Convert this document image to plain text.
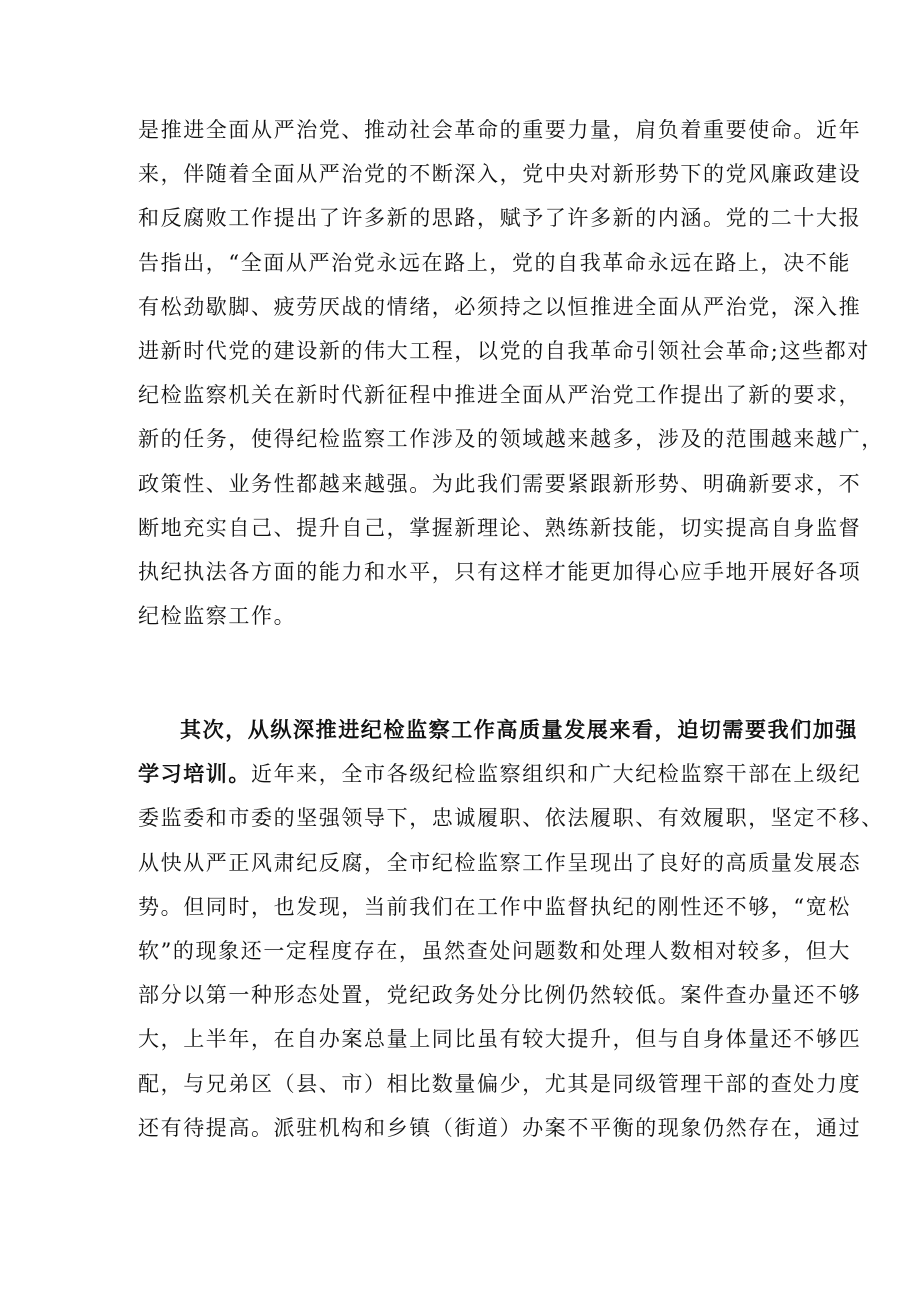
是推进全面从严治党、推动社会革命的重要力量，肩负着重要使命。近年
来，伴随着全面从严治党的不断深入，党中央对新形势下的党风廉政建设
和反腐败工作提出了许多新的思路，赋予了许多新的内涵。党的二十大报
告指出，“全面从严治党永远在路上，党的自我革命永远在路上，决不能
有松劲歇脚、疲劳厌战的情绪，必须持之以恒推进全面从严治党，深入推
进新时代党的建设新的伟大工程，以党的自我革命引领社会革命;这些都对
纪检监察机关在新时代新征程中推进全面从严治党工作提出了新的要求，
新的任务，使得纪检监察工作涉及的领域越来越多，涉及的范围越来越广，
政策性、业务性都越来越强。为此我们需要紧跟新形势、明确新要求，不
断地充实自己、提升自己，掌握新理论、熟练新技能，切实提高自身监督
执纪执法各方面的能力和水平，只有这样才能更加得心应手地开展好各项
纪检监察工作。
其次，从纵深推进纪检监察工作高质量发展来看，迫切需要我们加强
学习培训。近年来，全市各级纪检监察组织和广大纪检监察干部在上级纪
委监委和市委的坚强领导下，忠诚履职、依法履职、有效履职，坚定不移、
从快从严正风肃纪反腐，全市纪检监察工作呈现出了良好的高质量发展态
势。但同时，也发现，当前我们在工作中监督执纪的刚性还不够，“宽松
软”的现象还一定程度存在，虽然查处问题数和处理人数相对较多，但大
部分以第一种形态处置，党纪政务处分比例仍然较低。案件查办量还不够
大，上半年，在自办案总量上同比虽有较大提升，但与自身体量还不够匹
配，与兄弟区（县、市）相比数量偏少，尤其是同级管理干部的查处力度
还有待提高。派驻机构和乡镇（街道）办案不平衡的现象仍然存在，通过
